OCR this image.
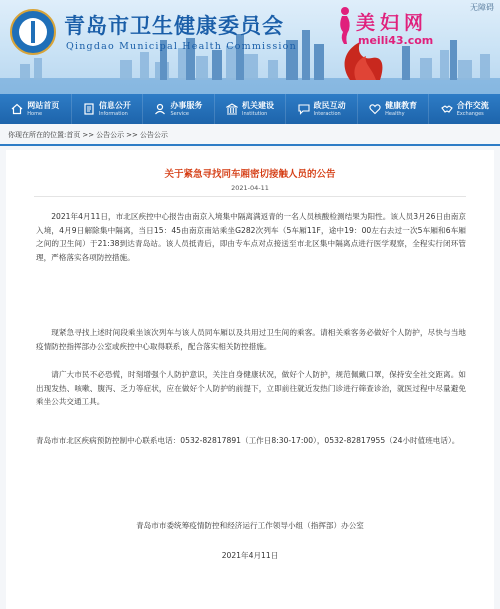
青岛市卫生健康委员会
Qingdao Municipal Health Commission
美妇网
meili43.com
无障碍
网站首页
Home
信息公开
Information
办事服务
Service
机关建设
Institution
政民互动
Interaction
健康教育
Healthy
合作交流
Exchanges
你现在所在的位置: 首页 >> 公告公示 >> 公告公示
关于紧急寻找同车厢密切接触人员的公告
2021-04-11

2021年4月11日，市北区疾控中心报告由南京入境集中隔离满返青的一名人员核酸检测结果为阳性。该人员3月26日由南京入境，4月9日解除集中隔离，当日15：45由南京南站乘坐G282次列车（5车厢11F，途中19：00左右去过一次5车厢和6车厢之间的卫生间）于21:38到达青岛站。该人员抵青后，即由专车点对点接送至市北区集中隔离点进行医学观察，全程实行闭环管理，严格落实各项防控措施。

现紧急寻找上述时间段乘坐该次列车与该人员同车厢以及共用过卫生间的乘客。请相关乘客务必做好个人防护，尽快与当地疫情防控指挥部办公室或疾控中心取得联系，配合落实相关防控措施。

请广大市民不必恐慌，时刻增强个人防护意识，关注自身健康状况，做好个人防护，规范佩戴口罩，保持安全社交距离。如出现发热、咳嗽、腹泻、乏力等症状，应在做好个人防护的前提下，立即前往就近发热门诊进行筛查诊治，就医过程中尽量避免乘坐公共交通工具。

青岛市市北区疾病预防控制中心联系电话：0532-82817891（工作日8:30-17:00），0532-82817955（24小时值班电话）。

青岛市市委统筹疫情防控和经济运行工作领导小组（指挥部）办公室
2021年4月11日
